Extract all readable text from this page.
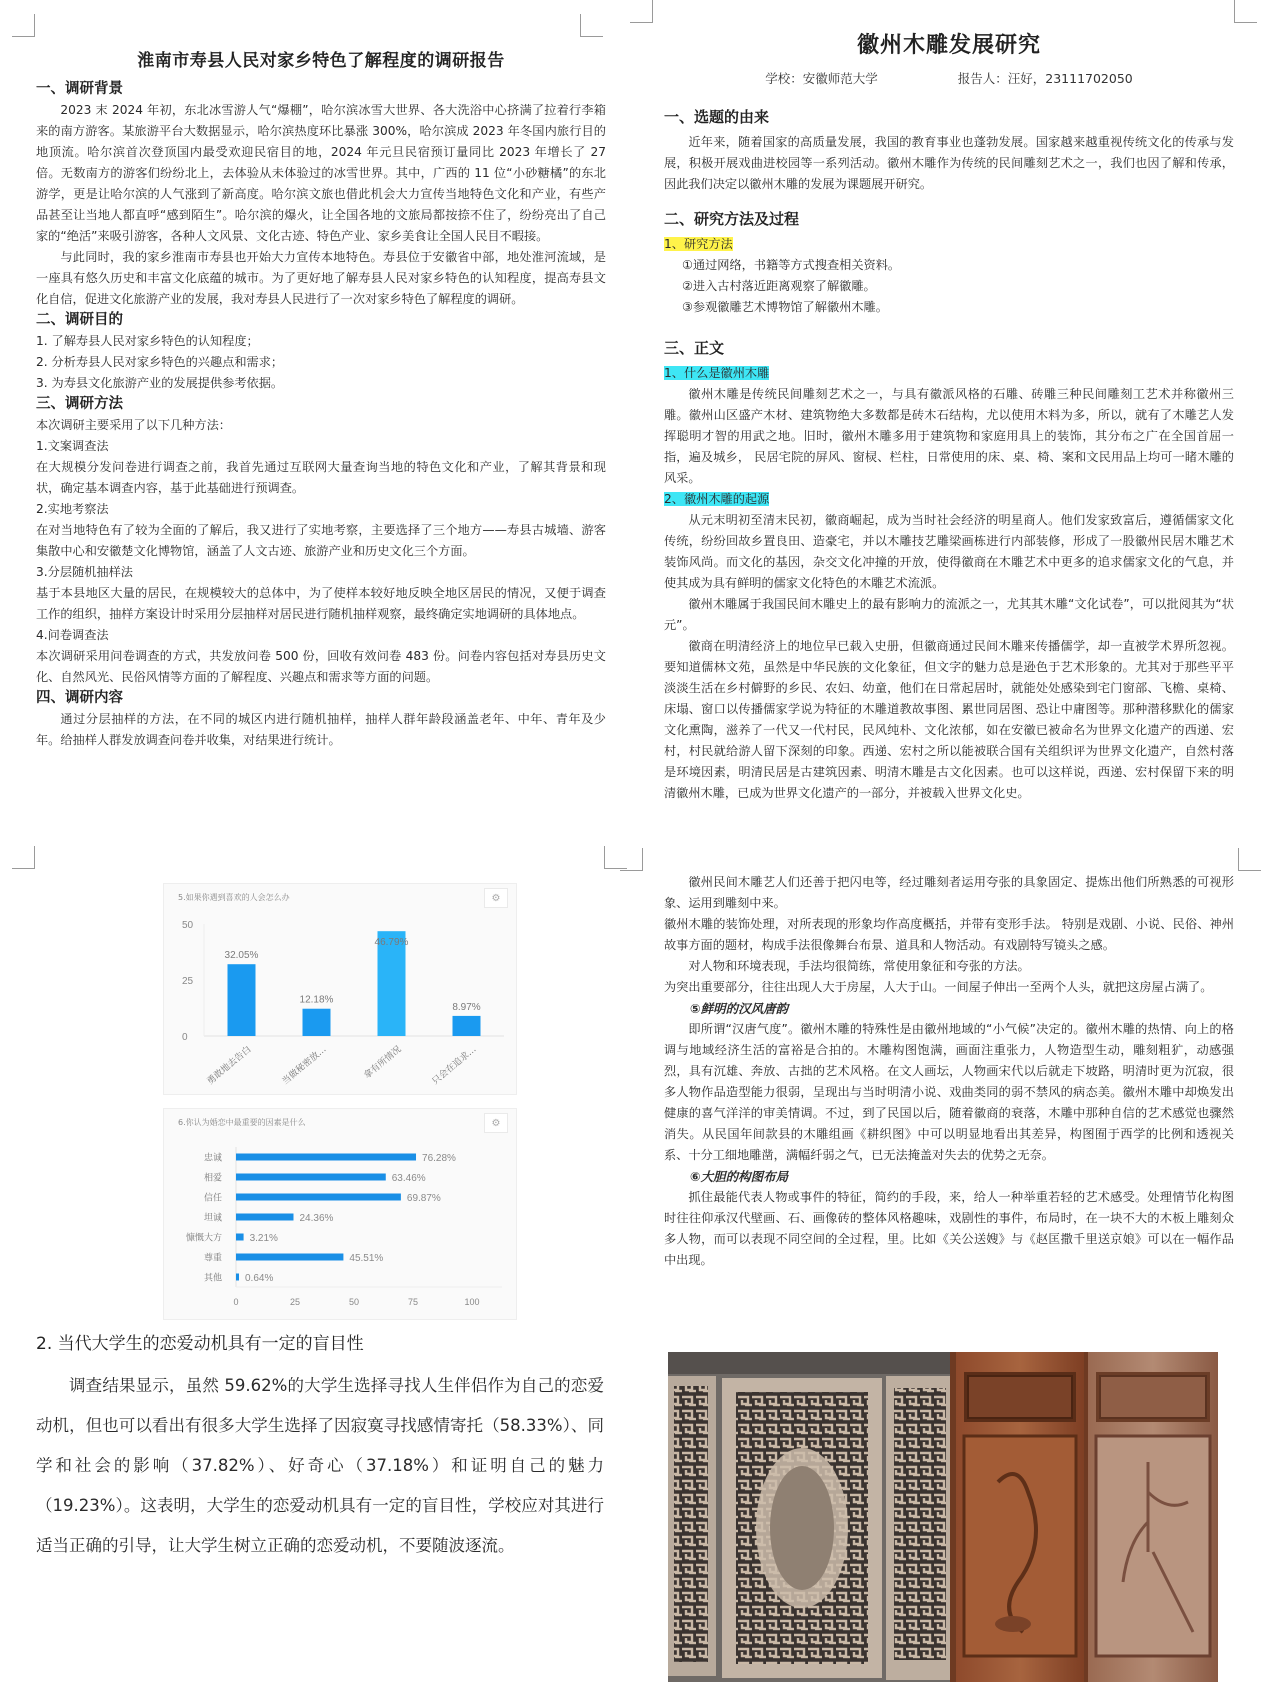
淮南市寿县人民对家乡特色了解程度的调研报告
一、调研背景

2023 末 2024 年初，东北冰雪游人气“爆棚”，哈尔滨冰雪大世界、各大洗浴中心挤满了拉着行李箱来的南方游客。某旅游平台大数据显示，哈尔滨热度环比暴涨 300%，哈尔滨成 2023 年冬国内旅行目的地顶流。哈尔滨首次登顶国内最受欢迎民宿目的地，2024 年元旦民宿预订量同比 2023 年增长了 27 倍。无数南方的游客们纷纷北上，去体验从未体验过的冰雪世界。其中，广西的 11 位“小砂糖橘”的东北游学，更是让哈尔滨的人气涨到了新高度。哈尔滨文旅也借此机会大力宣传当地特色文化和产业，有些产品甚至让当地人都直呼“感到陌生”。哈尔滨的爆火，让全国各地的文旅局都按捺不住了，纷纷亮出了自己家的“绝活”来吸引游客，各种人文风景、文化古迹、特色产业、家乡美食让全国人民目不暇接。

与此同时，我的家乡淮南市寿县也开始大力宣传本地特色。寿县位于安徽省中部，地处淮河流域，是一座具有悠久历史和丰富文化底蕴的城市。为了更好地了解寿县人民对家乡特色的认知程度，提高寿县文化自信，促进文化旅游产业的发展，我对寿县人民进行了一次对家乡特色了解程度的调研。

二、调研目的
1. 了解寿县人民对家乡特色的认知程度；
2. 分析寿县人民对家乡特色的兴趣点和需求；
3. 为寿县文化旅游产业的发展提供参考依据。
三、调研方法

本次调研主要采用了以下几种方法：

1.文案调查法

在大规模分发问卷进行调查之前，我首先通过互联网大量查询当地的特色文化和产业，了解其背景和现状，确定基本调查内容，基于此基础进行预调查。

2.实地考察法

在对当地特色有了较为全面的了解后，我又进行了实地考察，主要选择了三个地方——寿县古城墙、游客集散中心和安徽楚文化博物馆，涵盖了人文古迹、旅游产业和历史文化三个方面。

3.分层随机抽样法

基于本县地区大量的居民，在规模较大的总体中，为了使样本较好地反映全地区居民的情况，又便于调查工作的组织，抽样方案设计时采用分层抽样对居民进行随机抽样观察，最终确定实地调研的具体地点。

4.问卷调查法

本次调研采用问卷调查的方式，共发放问卷 500 份，回收有效问卷 483 份。问卷内容包括对寿县历史文化、自然风光、民俗风情等方面的了解程度、兴趣点和需求等方面的问题。

四、调研内容

通过分层抽样的方法，在不同的城区内进行随机抽样，抽样人群年龄段涵盖老年、中年、青年及少年。给抽样人群发放调查问卷并收集，对结果进行统计。

徽州木雕发展研究
学校：安徽师范大学	报告人：汪好，23111702050
一、选题的由来

近年来，随着国家的高质量发展，我国的教育事业也蓬勃发展。国家越来越重视传统文化的传承与发展，积极开展戏曲进校园等一系列活动。徽州木雕作为传统的民间雕刻艺术之一，我们也因了解和传承，因此我们决定以徽州木雕的发展为课题展开研究。

二、研究方法及过程
1、研究方法
①通过网络，书籍等方式搜查相关资料。
②进入古村落近距离观察了解徽雕。
③参观徽雕艺术博物馆了解徽州木雕。
三、正文
1、什么是徽州木雕

徽州木雕是传统民间雕刻艺术之一，与具有徽派风格的石雕、砖雕三种民间雕刻工艺术并称徽州三雕。徽州山区盛产木材、建筑物绝大多数都是砖木石结构，尤以使用木料为多，所以，就有了木雕艺人发挥聪明才智的用武之地。旧时，徽州木雕多用于建筑物和家庭用具上的装饰，其分布之广在全国首屈一指，遍及城乡， 民居宅院的屏风、窗棂、栏柱，日常使用的床、桌、椅、案和文民用品上均可一睹木雕的风采。

2、徽州木雕的起源

从元末明初至清末民初，徽商崛起，成为当时社会经济的明星商人。他们发家致富后，遵循儒家文化传统，纷纷回故乡置良田、造豪宅，并以木雕技艺雕梁画栋进行内部装修，形成了一股徽州民居木雕艺术装饰风尚。而文化的基因，杂交文化冲撞的开放，使得徽商在木雕艺术中更多的追求儒家文化的气息，并使其成为具有鲜明的儒家文化特色的木雕艺术流派。

徽州木雕属于我国民间木雕史上的最有影响力的流派之一，尤其其木雕“文化试卷”，可以批阅其为“状元”。

徽商在明清经济上的地位早已载入史册，但徽商通过民间木雕来传播儒学，却一直被学术界所忽视。要知道儒林文苑，虽然是中华民族的文化象征，但文字的魅力总是逊色于艺术形象的。尤其对于那些平平淡淡生活在乡村僻野的乡民、农妇、幼童，他们在日常起居时，就能处处感染到宅门窗部、飞檐、桌椅、床塌、窗口以传播儒家学说为特征的木雕道教故事图、累世同居图、恐让中庸图等。那种潜移默化的儒家文化熏陶，滋养了一代又一代村民，民风纯朴、文化浓郁，如在安徽已被命名为世界文化遗产的西递、宏村，村民就给游人留下深刻的印象。西递、宏村之所以能被联合国有关组织评为世界文化遗产，自然村落是环境因素，明清民居是古建筑因素、明清木雕是古文化因素。也可以这样说，西递、宏村保留下来的明清徽州木雕，已成为世界文化遗产的一部分，并被载入世界文化史。

5.如果你遇到喜欢的人会怎么办	⚙
0
25
50
32.05%
勇敢地去告白
12.18%
当做秘密放…
46.79%
拿有所情况
8.97%
只会在追求…
6.你认为婚恋中最重要的因素是什么	⚙
0	25	50	75	100
76.28%
忠诚
63.46%
相爱
69.87%
信任
24.36%
坦诚
3.21%
慷慨大方
45.51%
尊重
0.64%
其他
2. 当代大学生的恋爱动机具有一定的盲目性

调查结果显示，虽然 59.62%的大学生选择寻找人生伴侣作为自己的恋爱动机，但也可以看出有很多大学生选择了因寂寞寻找感情寄托（58.33%）、同学和社会的影响（37.82%）、好奇心（37.18%）和证明自己的魅力（19.23%）。这表明，大学生的恋爱动机具有一定的盲目性，学校应对其进行适当正确的引导，让大学生树立正确的恋爱动机，不要随波逐流。

徽州民间木雕艺人们还善于把闪电等，经过雕刻者运用夸张的具象固定、提炼出他们所熟悉的可视形象、运用到雕刻中来。

徽州木雕的装饰处理，对所表现的形象均作高度概括，并带有变形手法。 特别是戏剧、小说、民俗、神州故事方面的题材，构成手法很像舞台布景、道具和人物活动。有戏剧特写镜头之感。

对人物和环境表现，手法均很简练，常使用象征和夸张的方法。

为突出重要部分，往往出现人大于房屋，人大于山。一间屋子伸出一至两个人头，就把这房屋占满了。

⑤鲜明的汉风唐韵

即所谓“汉唐气度”。徽州木雕的特殊性是由徽州地域的“小气候”决定的。徽州木雕的热情、向上的格调与地域经济生活的富裕是合拍的。木雕构图饱满，画面注重张力，人物造型生动，雕刻粗犷，动感强烈，具有沉雄、奔放、古拙的艺术风格。在文人画坛，人物画宋代以后就走下坡路，明清时更为沉寂，很多人物作品造型能力很弱，呈现出与当时明清小说、戏曲类同的弱不禁风的病态美。徽州木雕中却焕发出健康的喜气洋洋的审美情调。不过，到了民国以后，随着徽商的衰落，木雕中那种自信的艺术感觉也骤然消失。从民国年间款县的木雕组画《耕织图》中可以明显地看出其差异，构图囿于西学的比例和透视关系、十分工细地雕凿，满幅纤弱之气，已无法掩盖对失去的优势之无奈。

⑥大胆的构图布局

抓住最能代表人物或事件的特征，简约的手段，来，给人一种举重若轻的艺术感受。处理情节化构图时往往仰承汉代壁画、石、画像砖的整体风格趣味，戏剧性的事件，布局时，在一块不大的木板上雕刻众多人物，而可以表现不同空间的全过程，里。比如《关公送嫂》与《赵匡撒千里送京娘》可以在一幅作品中出现。
